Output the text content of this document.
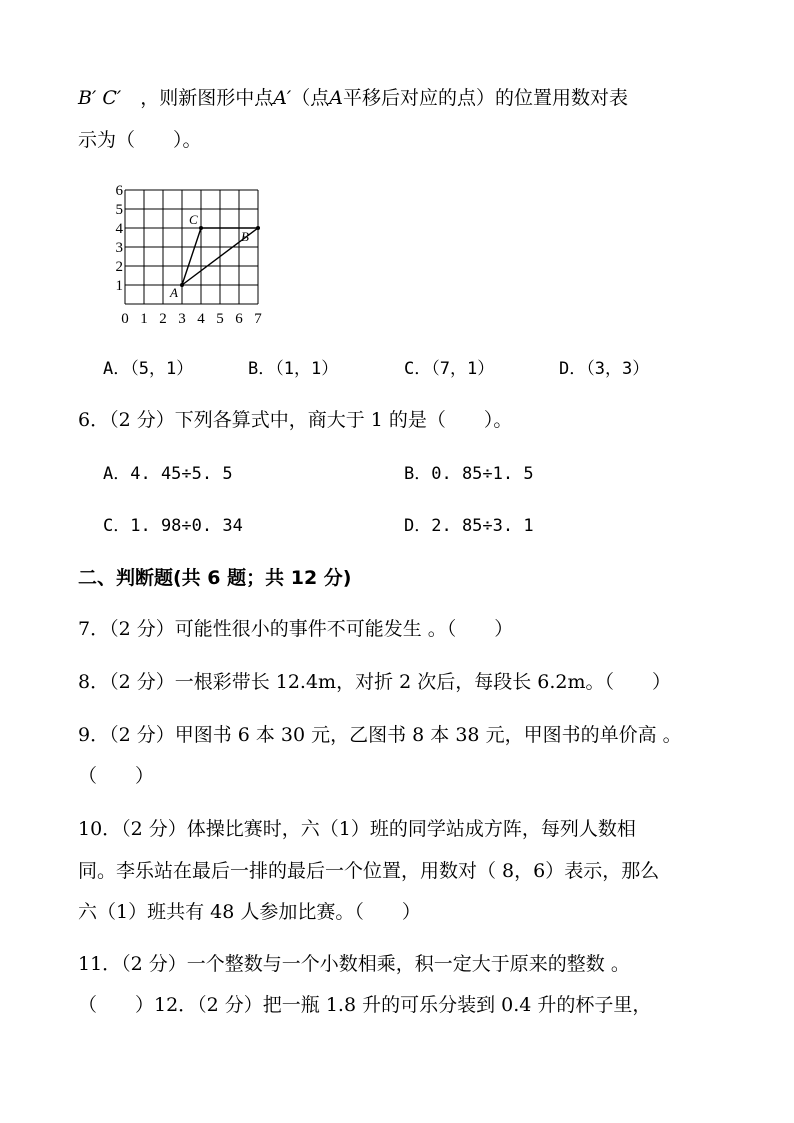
B′ C′　 ，则新图形中点A′（点A平移后对应的点）的位置用数对表
示为（　　）。
6
5
4
3
2
1
0 1 2 3 4 5 6 7
A
B
C
A．（5，1）	B．（1，1）	C．（7，1）	D．（3，3）
6．（2 分）下列各算式中，商大于 1 的是（　　）。
A．4. 45÷5. 5	B．0. 85÷1. 5
C．1. 98÷0. 34	D．2. 85÷3. 1
二、判断题(共 6 题；共 12 分)
7．（2 分）可能性很小的事件不可能发生 。（　　）
8．（2 分）一根彩带长 12.4m，对折 2 次后，每段长 6.2m。（　　）
9．（2 分）甲图书 6 本 30 元，乙图书 8 本 38 元，甲图书的单价高 。
（　　）
10．（2 分）体操比赛时，六（1）班的同学站成方阵，每列人数相
同。李乐站在最后一排的最后一个位置，用数对（ 8，6）表示，那么
六（1）班共有 48 人参加比赛。（　　）
11．（2 分）一个整数与一个小数相乘，积一定大于原来的整数 。
（　　）12．（2 分）把一瓶 1.8 升的可乐分装到 0.4 升的杯子里，
